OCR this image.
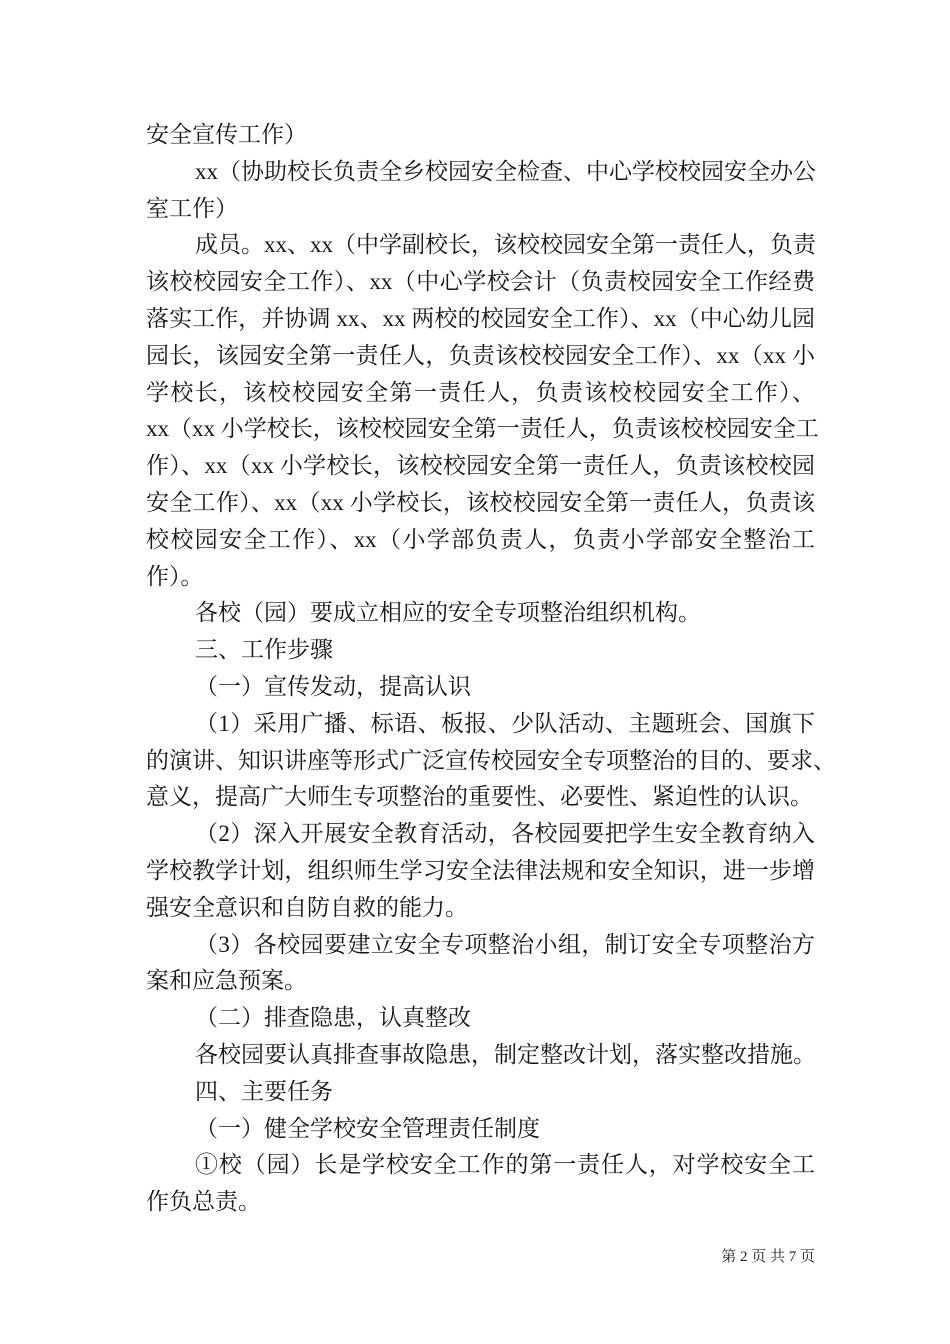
安全宣传工作）
xx（协助校长负责全乡校园安全检查、中心学校校园安全办公
室工作）
成员。xx、xx（中学副校长，该校校园安全第一责任人，负责
该校校园安全工作）、xx（中心学校会计（负责校园安全工作经费
落实工作，并协调 xx、xx 两校的校园安全工作）、xx（中心幼儿园
园长，该园安全第一责任人，负责该校校园安全工作）、xx（xx 小
学校长，该校校园安全第一责任人，负责该校校园安全工作）、
xx（xx 小学校长，该校校园安全第一责任人，负责该校校园安全工
作）、xx（xx 小学校长，该校校园安全第一责任人，负责该校校园
安全工作）、xx（xx 小学校长，该校校园安全第一责任人，负责该
校校园安全工作）、xx（小学部负责人，负责小学部安全整治工
作）。
各校（园）要成立相应的安全专项整治组织机构。
三、工作步骤
（一）宣传发动，提高认识
（1）采用广播、标语、板报、少队活动、主题班会、国旗下
的演讲、知识讲座等形式广泛宣传校园安全专项整治的目的、要求、
意义，提高广大师生专项整治的重要性、必要性、紧迫性的认识。
（2）深入开展安全教育活动，各校园要把学生安全教育纳入
学校教学计划，组织师生学习安全法律法规和安全知识，进一步增
强安全意识和自防自救的能力。
（3）各校园要建立安全专项整治小组，制订安全专项整治方
案和应急预案。
（二）排查隐患，认真整改
各校园要认真排查事故隐患，制定整改计划，落实整改措施。
四、主要任务
（一）健全学校安全管理责任制度
①校（园）长是学校安全工作的第一责任人，对学校安全工
作负总责。
第 2 页 共 7 页
